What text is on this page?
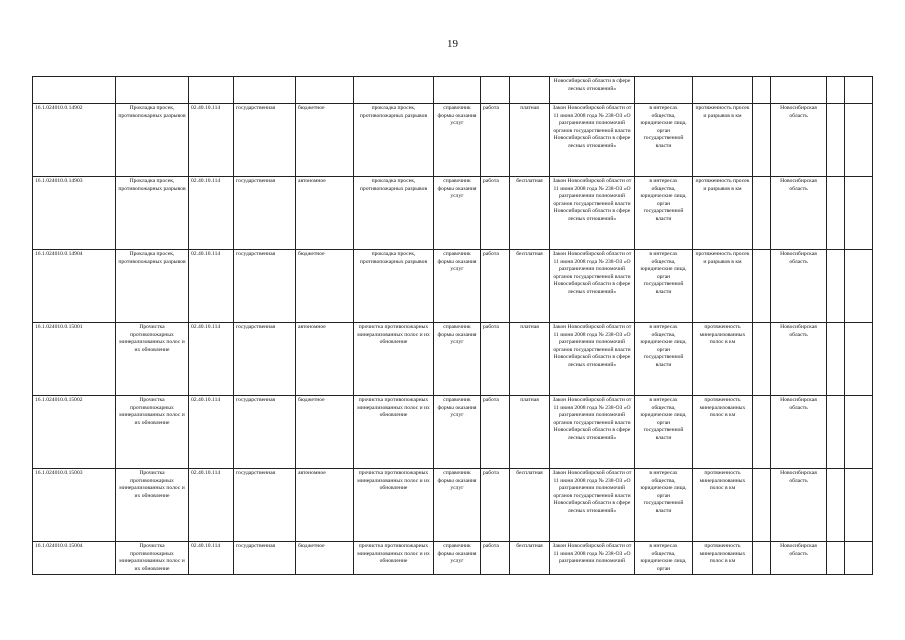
19
									Новосибирской области в сфере лесных отношений»						
16.1.024010.0.14902	Прокладка просек, противопожарных разрывов	02.40.10.114	государственная	бюджетное	прокладка просек, противопожарных разрывов	справочник формы оказания услуг	работа	платная	Закон Новосибирской области от 11 июня 2008 года № 238-ОЗ «О разграничении полномочий органов государственной власти Новосибирской области в сфере лесных отношений»	в интересах общества, юридические лица, орган государственной власти	протяженность просек и разрывов в км		Новосибирская область		
16.1.024010.0.14903	Прокладка просек, противопожарных разрывов	02.40.10.114	государственная	автономное	прокладка просек, противопожарных разрывов	справочник формы оказания услуг	работа	бесплатная	Закон Новосибирской области от 11 июня 2008 года № 238-ОЗ «О разграничении полномочий органов государственной власти Новосибирской области в сфере лесных отношений»	в интересах общества, юридические лица, орган государственной власти	протяженность просек и разрывов в км		Новосибирская область		
16.1.024010.0.14904	Прокладка просек, противопожарных разрывов	02.40.10.114	государственная	бюджетное	прокладка просек, противопожарных разрывов	справочник формы оказания услуг	работа	бесплатная	Закон Новосибирской области от 11 июня 2008 года № 238-ОЗ «О разграничении полномочий органов государственной власти Новосибирской области в сфере лесных отношений»	в интересах общества, юридические лица, орган государственной власти	протяженность просек и разрывов в км		Новосибирская область		
16.1.024010.0.15001	Прочистка противопожарных минерализованных полос и их обновление	02.40.10.114	государственная	автономное	прочистка противопожарных минерализованных полос и их обновление	справочник формы оказания услуг	работа	платная	Закон Новосибирской области от 11 июня 2008 года № 238-ОЗ «О разграничении полномочий органов государственной власти Новосибирской области в сфере лесных отношений»	в интересах общества, юридические лица, орган государственной власти	протяженность минерализованных полос в км		Новосибирская область		
16.1.024010.0.15002	Прочистка противопожарных минерализованных полос и их обновление	02.40.10.114	государственная	бюджетное	прочистка противопожарных минерализованных полос и их обновление	справочник формы оказания услуг	работа	платная	Закон Новосибирской области от 11 июня 2008 года № 238-ОЗ «О разграничении полномочий органов государственной власти Новосибирской области в сфере лесных отношений»	в интересах общества, юридические лица, орган государственной власти	протяженность минерализованных полос в км		Новосибирская область		
16.1.024010.0.15003	Прочистка противопожарных минерализованных полос и их обновление	02.40.10.114	государственная	автономное	прочистка противопожарных минерализованных полос и их обновление	справочник формы оказания услуг	работа	бесплатная	Закон Новосибирской области от 11 июня 2008 года № 238-ОЗ «О разграничении полномочий органов государственной власти Новосибирской области в сфере лесных отношений»	в интересах общества, юридические лица, орган государственной власти	протяженность минерализованных полос в км		Новосибирская область		
16.1.024010.0.15004	Прочистка противопожарных минерализованных полос и их обновление	02.40.10.114	государственная	бюджетное	прочистка противопожарных минерализованных полос и их обновление	справочник формы оказания услуг	работа	бесплатная	Закон Новосибирской области от 11 июня 2008 года № 238-ОЗ «О разграничении полномочий	в интересах общества, юридические лица, орган	протяженность минерализованных полос в км		Новосибирская область		
